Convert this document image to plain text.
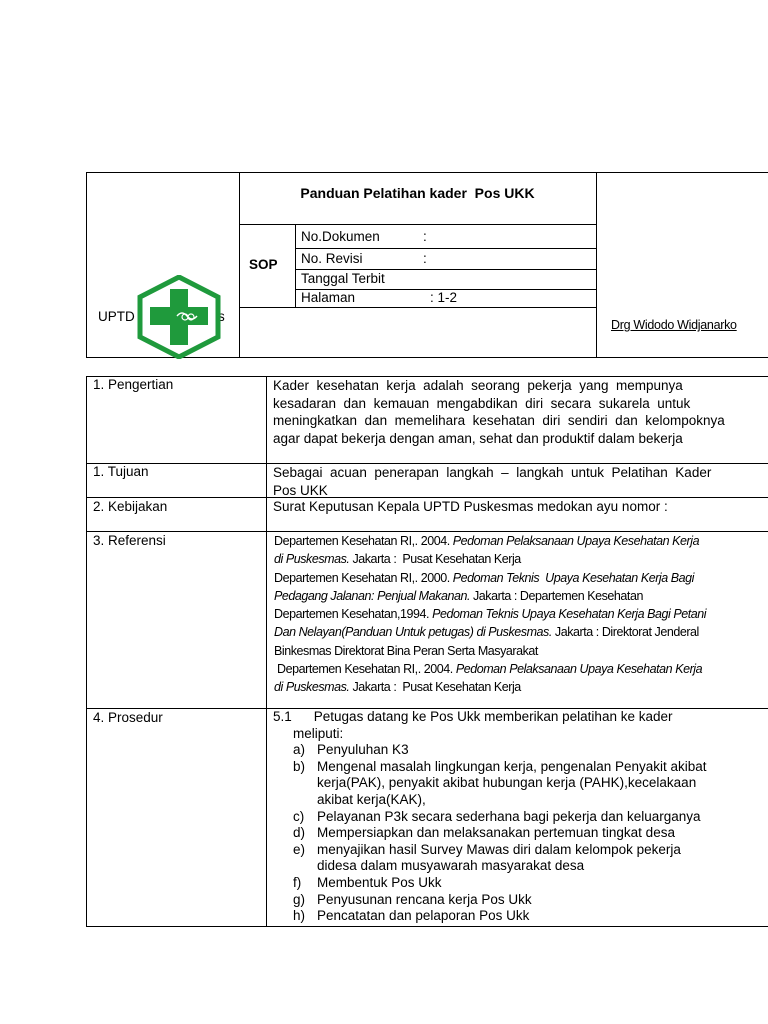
Panduan Pelatihan kader  Pos UKK
SOP
No.Dokumen	:
No. Revisi	:
Tanggal Terbit
Halaman	: 1-2
UPTD	s
Drg Widodo Widjanarko
1. Pengertian	Kader  kesehatan  kerja  adalah  seorang  pekerja  yang  mempunya
kesadaran  dan  kemauan  mengabdikan  diri  secara  sukarela  untuk
meningkatkan  dan  memelihara  kesehatan  diri  sendiri  dan  kelompoknya
agar dapat bekerja dengan aman, sehat dan produktif dalam bekerja
1. Tujuan	Sebagai  acuan  penerapan  langkah  –  langkah  untuk  Pelatihan  Kader
Pos UKK
2. Kebijakan	Surat Keputusan Kepala UPTD Puskesmas medokan ayu nomor :
3. Referensi	Departemen Kesehatan RI,. 2004. Pedoman Pelaksanaan Upaya Kesehatan Kerja
di Puskesmas. Jakarta :  Pusat Kesehatan Kerja
Departemen Kesehatan RI,. 2000. Pedoman Teknis  Upaya Kesehatan Kerja Bagi
Pedagang Jalanan: Penjual Makanan. Jakarta : Departemen Kesehatan
Departemen Kesehatan,1994. Pedoman Teknis Upaya Kesehatan Kerja Bagi Petani
Dan Nelayan(Panduan Untuk petugas) di Puskesmas. Jakarta : Direktorat Jenderal
Binkesmas Direktorat Bina Peran Serta Masyarakat
Departemen Kesehatan RI,. 2004. Pedoman Pelaksanaan Upaya Kesehatan Kerja
di Puskesmas. Jakarta :  Pusat Kesehatan Kerja
4. Prosedur	5.1 Petugas datang ke Pos Ukk memberikan pelatihan ke kader
meliputi:
a) Penyuluhan K3
b) Mengenal masalah lingkungan kerja, pengenalan Penyakit akibat
kerja(PAK), penyakit akibat hubungan kerja (PAHK),kecelakaan
akibat kerja(KAK),
c) Pelayanan P3k secara sederhana bagi pekerja dan keluarganya
d) Mempersiapkan dan melaksanakan pertemuan tingkat desa
e) menyajikan hasil Survey Mawas diri dalam kelompok pekerja
didesa dalam musyawarah masyarakat desa
f) Membentuk Pos Ukk
g) Penyusunan rencana kerja Pos Ukk
h) Pencatatan dan pelaporan Pos Ukk
